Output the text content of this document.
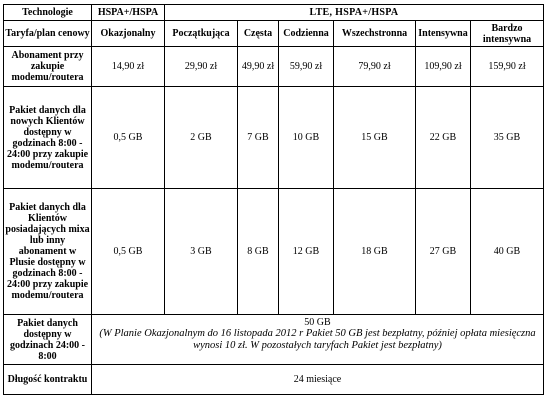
Technologie	HSPA+/HSPA	LTE, HSPA+/HSPA					
Taryfa/plan cenowy	Okazjonalny	Początkująca	Częsta	Codzienna	Wszechstronna	Intensywna	Bardzo intensywna
Abonament przy zakupie modemu/routera	14,90 zł	29,90 zł	49,90 zł	59,90 zł	79,90 zł	109,90 zł	159,90 zł
Pakiet danych dla nowych Klientów dostępny w godzinach 8:00 - 24:00 przy zakupie modemu/routera	0,5 GB	2 GB	7 GB	10 GB	15 GB	22 GB	35 GB
Pakiet danych dla Klientów posiadających mixa lub inny abonament w Plusie dostępny w godzinach 8:00 - 24:00 przy zakupie modemu/routera	0,5 GB	3 GB	8 GB	12 GB	18 GB	27 GB	40 GB
Pakiet danych dostępny w godzinach 24:00 - 8:00	50 GB
(W Planie Okazjonalnym do 16 listopada 2012 r Pakiet 50 GB jest bezpłatny, później opłata miesięczna wynosi 10 zł. W pozostałych taryfach Pakiet jest bezpłatny)						

Długość kontraktu	24 miesiące						
